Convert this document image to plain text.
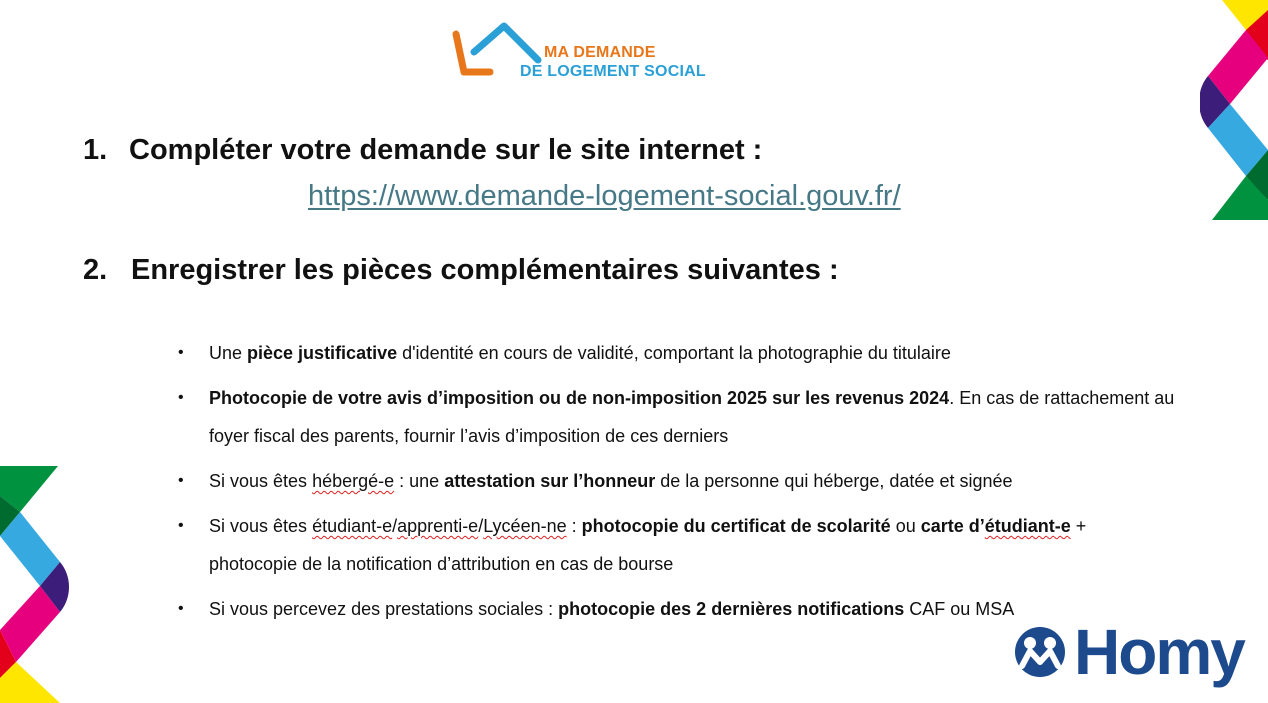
MA DEMANDE
DE LOGEMENT SOCIAL
1. Compléter votre demande sur le site internet :
https://www.demande-logement-social.gouv.fr/
2. Enregistrer les pièces complémentaires suivantes :
• Une pièce justificative d'identité en cours de validité, comportant la photographie du titulaire
• Photocopie de votre avis d’imposition ou de non-imposition 2025 sur les revenus 2024. En cas de rattachement au foyer fiscal des parents, fournir l’avis d’imposition de ces derniers
• Si vous êtes hébergé-e : une attestation sur l’honneur de la personne qui héberge, datée et signée
• Si vous êtes étudiant-e/apprenti-e/Lycéen-ne : photocopie du certificat de scolarité ou carte d’étudiant-e + photocopie de la notification d’attribution en cas de bourse
• Si vous percevez des prestations sociales : photocopie des 2 dernières notifications CAF ou MSA
Homy
